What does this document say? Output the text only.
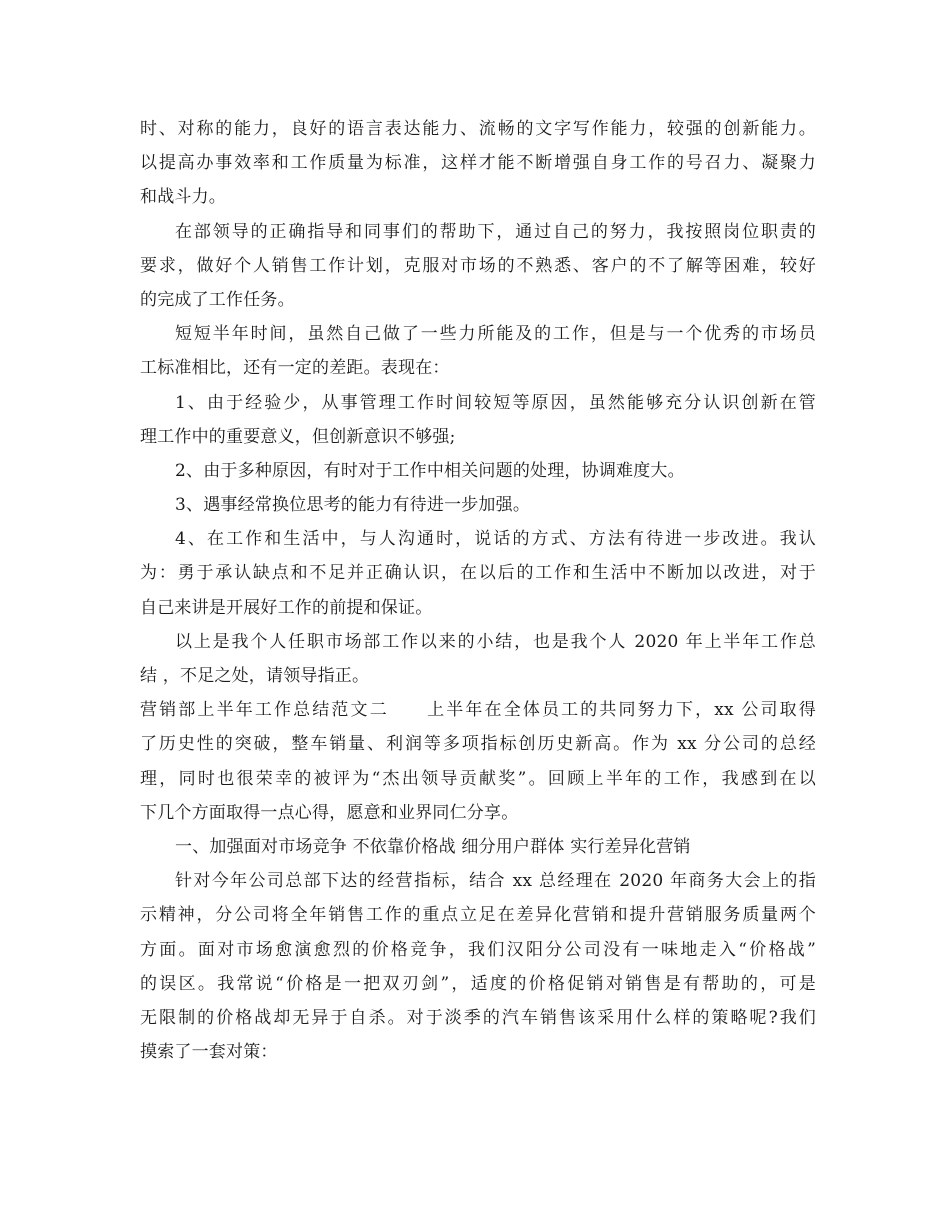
时、对称的能力，良好的语言表达能力、流畅的文字写作能力，较强的创新能力。
以提高办事效率和工作质量为标准，这样才能不断增强自身工作的号召力、凝聚力
和战斗力。
在部领导的正确指导和同事们的帮助下，通过自己的努力，我按照岗位职责的
要求，做好个人销售工作计划，克服对市场的不熟悉、客户的不了解等困难，较好
的完成了工作任务。
短短半年时间，虽然自己做了一些力所能及的工作，但是与一个优秀的市场员
工标准相比，还有一定的差距。表现在：
1、由于经验少，从事管理工作时间较短等原因，虽然能够充分认识创新在管
理工作中的重要意义，但创新意识不够强;
2、由于多种原因，有时对于工作中相关问题的处理，协调难度大。
3、遇事经常换位思考的能力有待进一步加强。
4、在工作和生活中，与人沟通时，说话的方式、方法有待进一步改进。我认
为：勇于承认缺点和不足并正确认识，在以后的工作和生活中不断加以改进，对于
自己来讲是开展好工作的前提和保证。
以上是我个人任职市场部工作以来的小结，也是我个人 2020 年上半年工作总
结 ，不足之处，请领导指正。
营销部上半年工作总结范文二　　上半年在全体员工的共同努力下，xx 公司取得
了历史性的突破，整车销量、利润等多项指标创历史新高。作为 xx 分公司的总经
理，同时也很荣幸的被评为“杰出领导贡献奖”。回顾上半年的工作，我感到在以
下几个方面取得一点心得，愿意和业界同仁分享。
一、加强面对市场竞争 不依靠价格战 细分用户群体 实行差异化营销
针对今年公司总部下达的经营指标，结合 xx 总经理在 2020 年商务大会上的指
示精神，分公司将全年销售工作的重点立足在差异化营销和提升营销服务质量两个
方面。面对市场愈演愈烈的价格竞争，我们汉阳分公司没有一味地走入“价格战”
的误区。我常说“价格是一把双刃剑”，适度的价格促销对销售是有帮助的，可是
无限制的价格战却无异于自杀。对于淡季的汽车销售该采用什么样的策略呢?我们
摸索了一套对策：
